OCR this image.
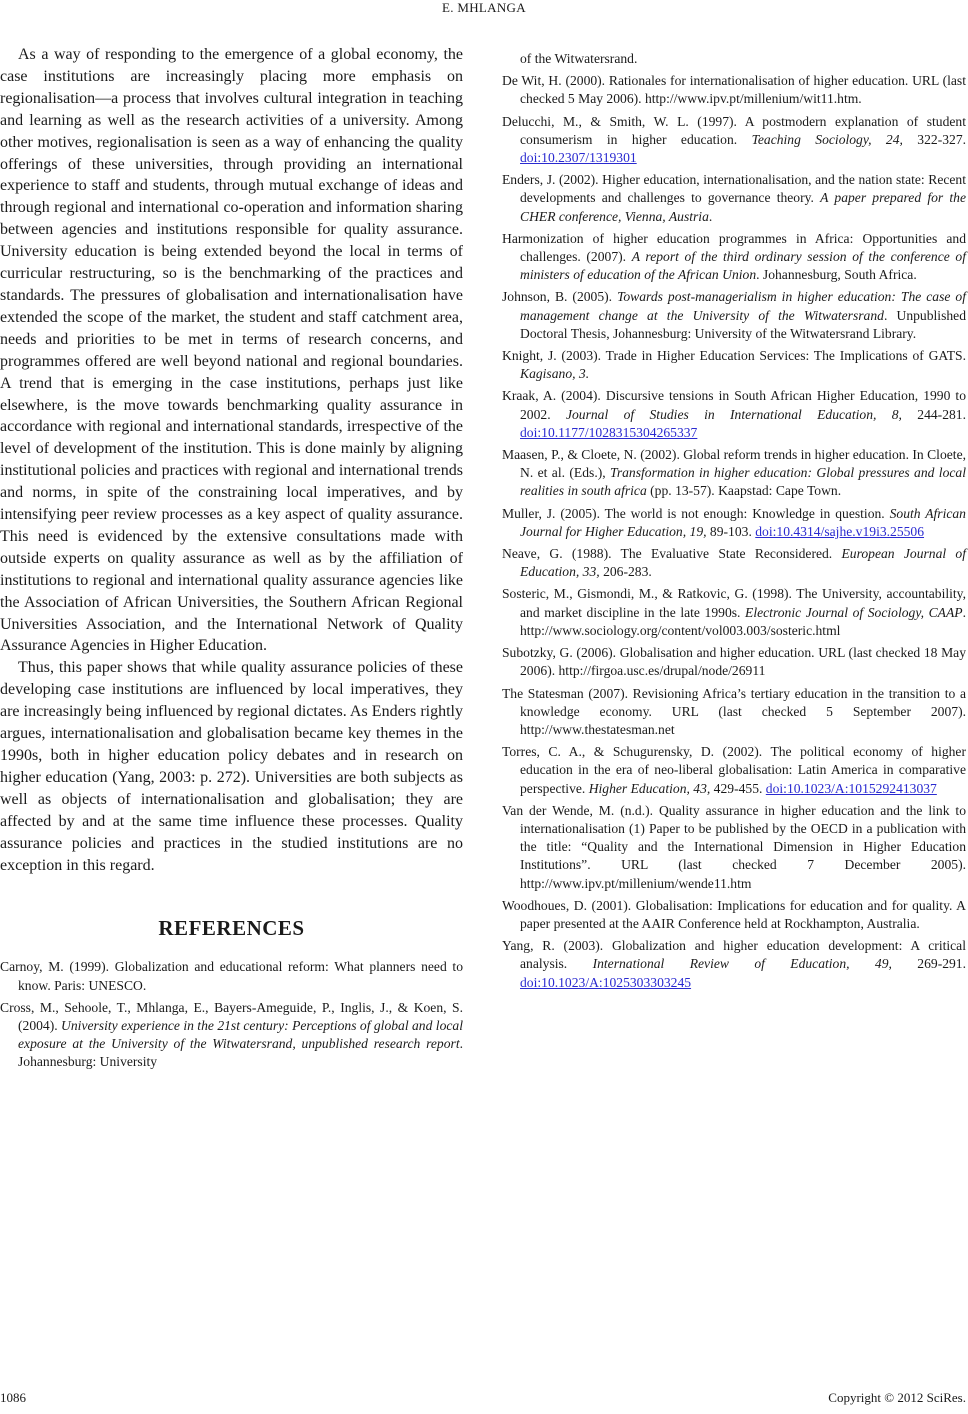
E. MHLANGA

As a way of responding to the emergence of a global economy, the case institutions are increasingly placing more emphasis on regionalisation—a process that involves cultural integration in teaching and learning as well as the research activities of a university. Among other motives, regionalisation is seen as a way of enhancing the quality offerings of these universities, through providing an international experience to staff and students, through mutual exchange of ideas and through regional and international co-operation and information sharing between agencies and institutions responsible for quality assurance. University education is being extended beyond the local in terms of curricular restructuring, so is the benchmarking of the practices and standards. The pressures of globalisation and internationalisation have extended the scope of the market, the student and staff catchment area, needs and priorities to be met in terms of research concerns, and programmes offered are well beyond national and regional boundaries. A trend that is emerging in the case institutions, perhaps just like elsewhere, is the move towards benchmarking quality assurance in accordance with regional and international standards, irrespective of the level of development of the institution. This is done mainly by aligning institutional policies and practices with regional and international trends and norms, in spite of the constraining local imperatives, and by intensifying peer review processes as a key aspect of quality assurance. This need is evidenced by the extensive consultations made with outside experts on quality assurance as well as by the affiliation of institutions to regional and international quality assurance agencies like the Association of African Universities, the Southern African Regional Universities Association, and the International Network of Quality Assurance Agencies in Higher Education.

Thus, this paper shows that while quality assurance policies of these developing case institutions are influenced by local imperatives, they are increasingly being influenced by regional dictates. As Enders rightly argues, internationalisation and globalisation became key themes in the 1990s, both in higher education policy debates and in research on higher education (Yang, 2003: p. 272). Universities are both subjects as well as objects of internationalisation and globalisation; they are affected by and at the same time influence these processes. Quality assurance policies and practices in the studied institutions are no exception in this regard.

REFERENCES

Carnoy, M. (1999). Globalization and educational reform: What planners need to know. Paris: UNESCO.

Cross, M., Sehoole, T., Mhlanga, E., Bayers-Ameguide, P., Inglis, J., & Koen, S. (2004). University experience in the 21st century: Perceptions of global and local exposure at the University of the Witwatersrand, unpublished research report. Johannesburg: University

of the Witwatersrand.

De Wit, H. (2000). Rationales for internationalisation of higher education. URL (last checked 5 May 2006). http://www.ipv.pt/millenium/wit11.htm.

Delucchi, M., & Smith, W. L. (1997). A postmodern explanation of student consumerism in higher education. Teaching Sociology, 24, 322-327. doi:10.2307/1319301

Enders, J. (2002). Higher education, internationalisation, and the nation state: Recent developments and challenges to governance theory. A paper prepared for the CHER conference, Vienna, Austria.

Harmonization of higher education programmes in Africa: Opportunities and challenges. (2007). A report of the third ordinary session of the conference of ministers of education of the African Union. Johannesburg, South Africa.

Johnson, B. (2005). Towards post-managerialism in higher education: The case of management change at the University of the Witwatersrand. Unpublished Doctoral Thesis, Johannesburg: University of the Witwatersrand Library.

Knight, J. (2003). Trade in Higher Education Services: The Implications of GATS. Kagisano, 3.

Kraak, A. (2004). Discursive tensions in South African Higher Education, 1990 to 2002. Journal of Studies in International Education, 8, 244-281. doi:10.1177/1028315304265337

Maasen, P., & Cloete, N. (2002). Global reform trends in higher education. In Cloete, N. et al. (Eds.), Transformation in higher education: Global pressures and local realities in south africa (pp. 13-57). Kaapstad: Cape Town.

Muller, J. (2005). The world is not enough: Knowledge in question. South African Journal for Higher Education, 19, 89-103. doi:10.4314/sajhe.v19i3.25506

Neave, G. (1988). The Evaluative State Reconsidered. European Journal of Education, 33, 206-283.

Sosteric, M., Gismondi, M., & Ratkovic, G. (1998). The University, accountability, and market discipline in the late 1990s. Electronic Journal of Sociology, CAAP. http://www.sociology.org/content/vol003.003/sosteric.html

Subotzky, G. (2006). Globalisation and higher education. URL (last checked 18 May 2006). http://firgoa.usc.es/drupal/node/26911

The Statesman (2007). Revisioning Africa’s tertiary education in the transition to a knowledge economy. URL (last checked 5 September 2007). http://www.thestatesman.net

Torres, C. A., & Schugurensky, D. (2002). The political economy of higher education in the era of neo-liberal globalisation: Latin America in comparative perspective. Higher Education, 43, 429-455. doi:10.1023/A:1015292413037

Van der Wende, M. (n.d.). Quality assurance in higher education and the link to internationalisation (1) Paper to be published by the OECD in a publication with the title: “Quality and the International Dimension in Higher Education Institutions”. URL (last checked 7 December 2005). http://www.ipv.pt/millenium/wende11.htm

Woodhoues, D. (2001). Globalisation: Implications for education and for quality. A paper presented at the AAIR Conference held at Rockhampton, Australia.

Yang, R. (2003). Globalization and higher education development: A critical analysis. International Review of Education, 49, 269-291. doi:10.1023/A:1025303303245

1086	Copyright © 2012 SciRes.
